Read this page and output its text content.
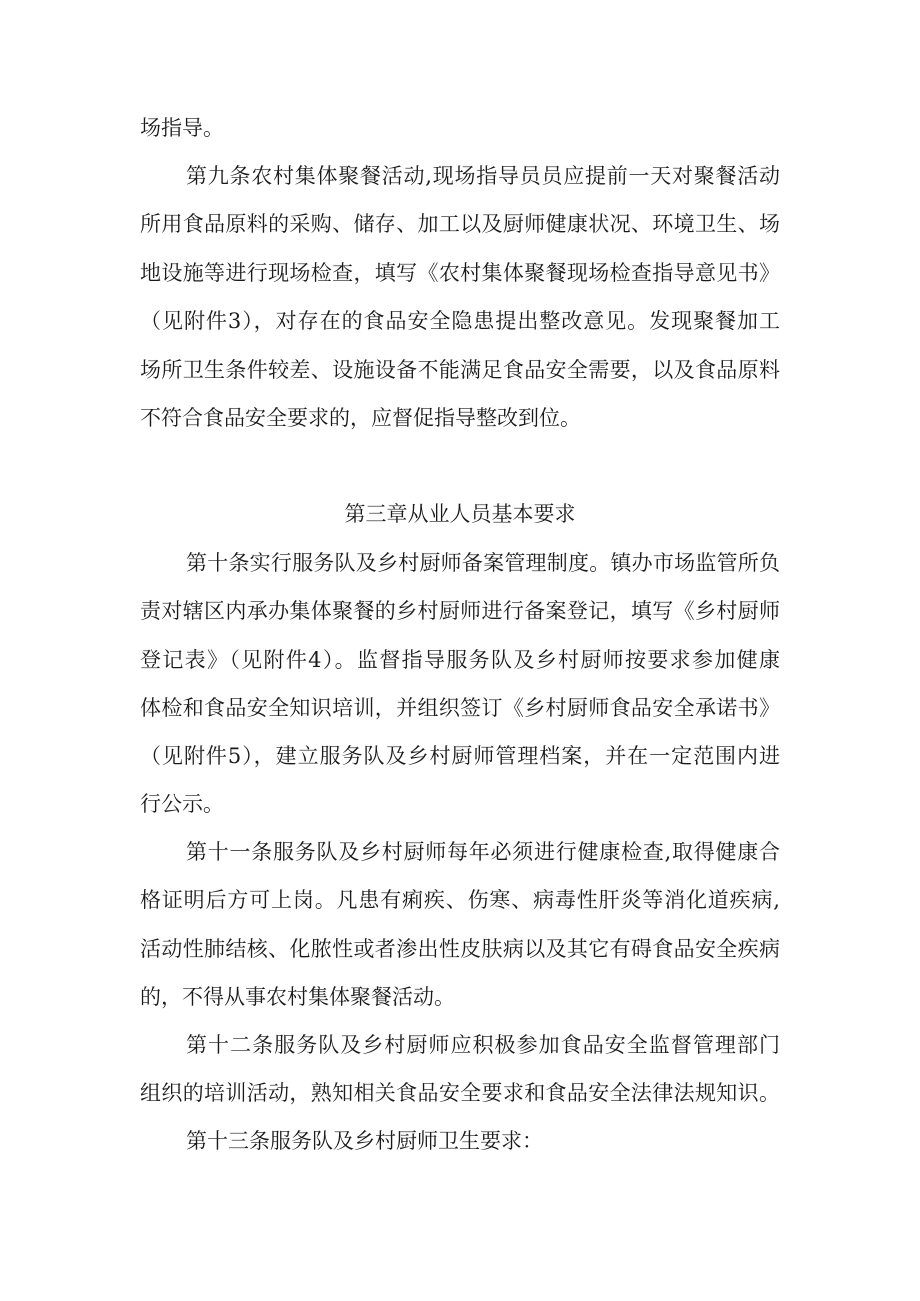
场指导。
第九条农村集体聚餐活动,现场指导员员应提前一天对聚餐活动
所用食品原料的采购、储存、加工以及厨师健康状况、环境卫生、场
地设施等进行现场检查，填写《农村集体聚餐现场检查指导意见书》
（见附件3），对存在的食品安全隐患提出整改意见。发现聚餐加工
场所卫生条件较差、设施设备不能满足食品安全需要，以及食品原料
不符合食品安全要求的，应督促指导整改到位。
第三章从业人员基本要求
第十条实行服务队及乡村厨师备案管理制度。镇办市场监管所负
责对辖区内承办集体聚餐的乡村厨师进行备案登记，填写《乡村厨师
登记表》（见附件4）。监督指导服务队及乡村厨师按要求参加健康
体检和食品安全知识培训，并组织签订《乡村厨师食品安全承诺书》
（见附件5），建立服务队及乡村厨师管理档案，并在一定范围内进
行公示。
第十一条服务队及乡村厨师每年必须进行健康检查,取得健康合
格证明后方可上岗。凡患有痢疾、伤寒、病毒性肝炎等消化道疾病,
活动性肺结核、化脓性或者渗出性皮肤病以及其它有碍食品安全疾病
的，不得从事农村集体聚餐活动。
第十二条服务队及乡村厨师应积极参加食品安全监督管理部门
组织的培训活动，熟知相关食品安全要求和食品安全法律法规知识。
第十三条服务队及乡村厨师卫生要求：
